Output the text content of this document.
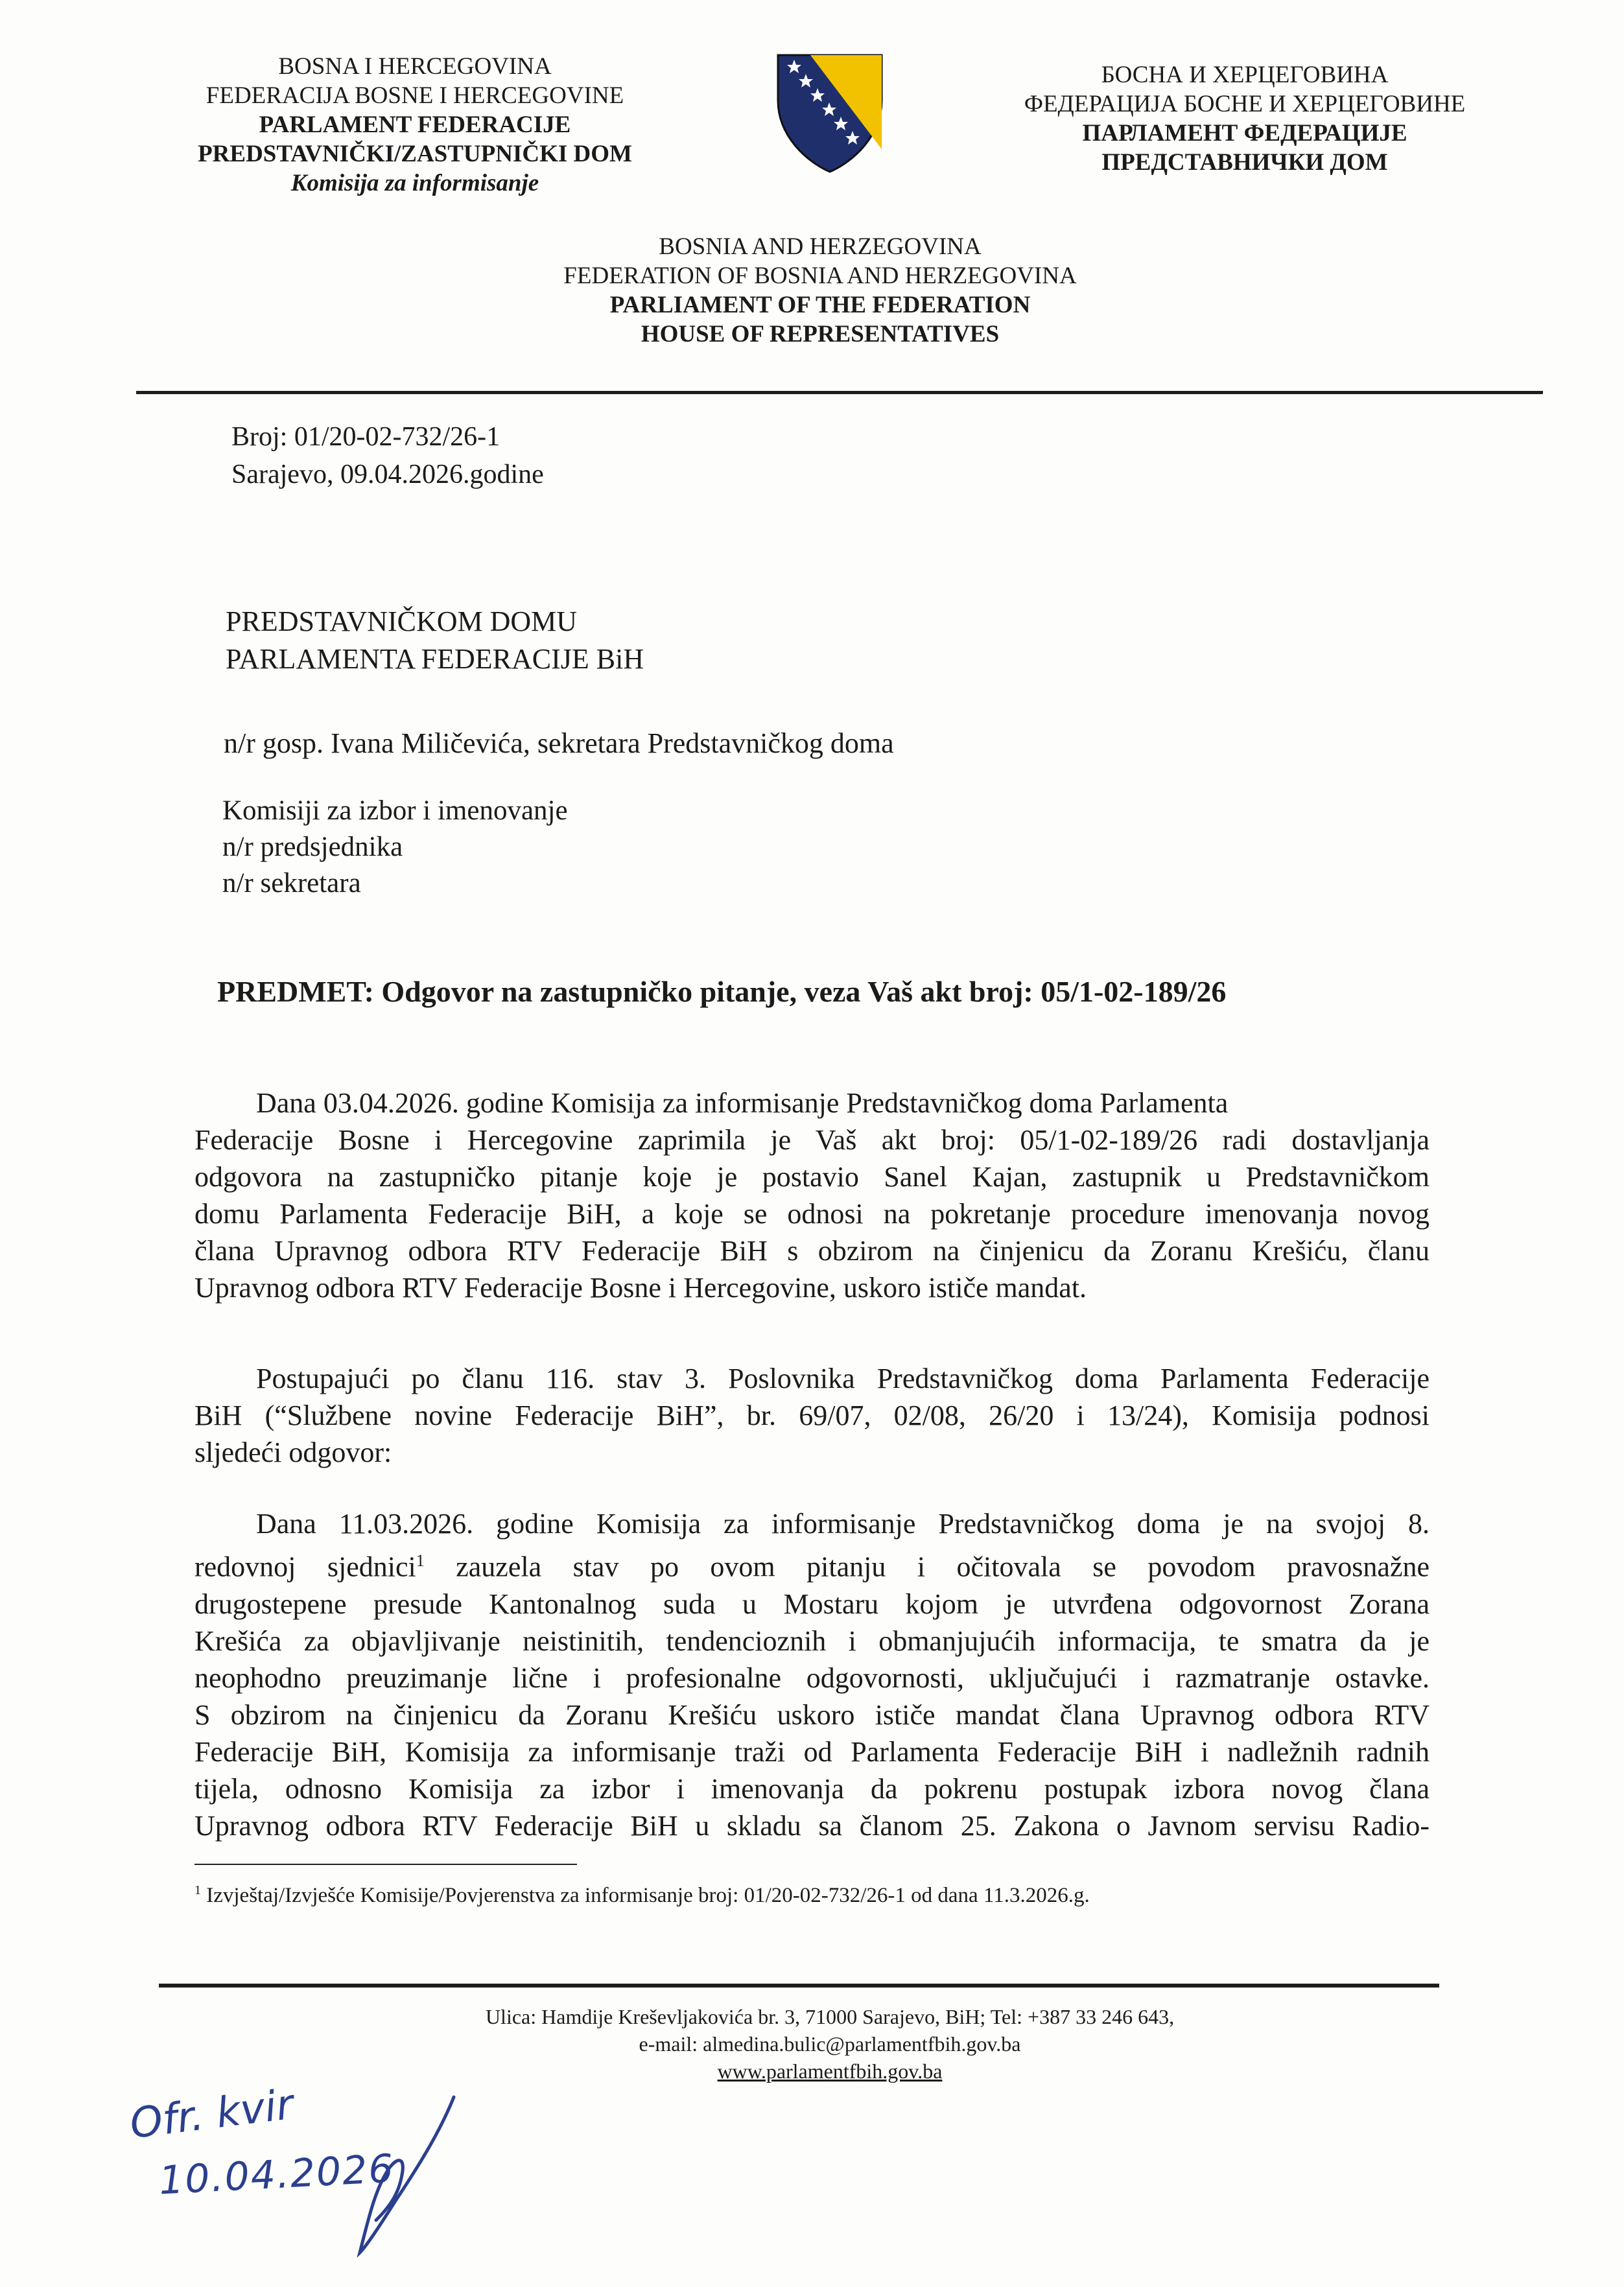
BOSNA I HERCEGOVINA
FEDERACIJA BOSNE I HERCEGOVINE
PARLAMENT FEDERACIJE
PREDSTAVNIČKI/ZASTUPNIČKI DOM
Komisija za informisanje
БОСНА И ХЕРЦЕГОВИНА
ФЕДЕРАЦИЈА БОСНЕ И ХЕРЦЕГОВИНЕ
ПАРЛАМЕНТ ФЕДЕРАЦИЈЕ
ПРЕДСТАВНИЧКИ ДОМ
BOSNIA AND HERZEGOVINA
FEDERATION OF BOSNIA AND HERZEGOVINA
PARLIAMENT OF THE FEDERATION
HOUSE OF REPRESENTATIVES
Broj: 01/20-02-732/26-1
Sarajevo, 09.04.2026.godine
PREDSTAVNIČKOM DOMU
PARLAMENTA FEDERACIJE BiH
n/r gosp. Ivana Miličevića, sekretara Predstavničkog doma
Komisiji za izbor i imenovanje
n/r predsjednika
n/r sekretara
PREDMET: Odgovor na zastupničko pitanje, veza Vaš akt broj: 05/1-02-189/26

Dana 03.04.2026. godine Komisija za informisanje Predstavničkog doma Parlamenta

Federacije Bosne i Hercegovine zaprimila je Vaš akt broj: 05/1-02-189/26 radi dostavljanja
odgovora na zastupničko pitanje koje je postavio Sanel Kajan, zastupnik u Predstavničkom
domu Parlamenta Federacije BiH, a koje se odnosi na pokretanje procedure imenovanja novog
člana Upravnog odbora RTV Federacije BiH s obzirom na činjenicu da Zoranu Krešiću, članu
Upravnog odbora RTV Federacije Bosne i Hercegovine, uskoro ističe mandat.
Postupajući po članu 116. stav 3. Poslovnika Predstavničkog doma Parlamenta Federacije
BiH (“Službene novine Federacije BiH”, br. 69/07, 02/08, 26/20 i 13/24), Komisija podnosi
sljedeći odgovor:
Dana 11.03.2026. godine Komisija za informisanje Predstavničkog doma je na svojoj 8.
redovnoj sjednici$^1$ zauzela stav po ovom pitanju i očitovala se povodom pravosnažne
drugostepene presude Kantonalnog suda u Mostaru kojom je utvrđena odgovornost Zorana
Krešića za objavljivanje neistinitih, tendencioznih i obmanjujućih informacija, te smatra da je
neophodno preuzimanje lične i profesionalne odgovornosti, uključujući i razmatranje ostavke.
S obzirom na činjenicu da Zoranu Krešiću uskoro ističe mandat člana Upravnog odbora RTV
Federacije BiH, Komisija za informisanje traži od Parlamenta Federacije BiH i nadležnih radnih
tijela, odnosno Komisija za izbor i imenovanja da pokrenu postupak izbora novog člana
Upravnog odbora RTV Federacije BiH u skladu sa članom 25. Zakona o Javnom servisu Radio-
$^1$ Izvještaj/Izvješće Komisije/Povjerenstva za informisanje broj: 01/20-02-732/26-1 od dana 11.3.2026.g.
Ulica: Hamdije Kreševljakovića br. 3, 71000 Sarajevo, BiH; Tel: +387 33 246 643,
e-mail: almedina.bulic@parlamentfbih.gov.ba
www.parlamentfbih.gov.ba
Ofr. kvir
10.04.2026
